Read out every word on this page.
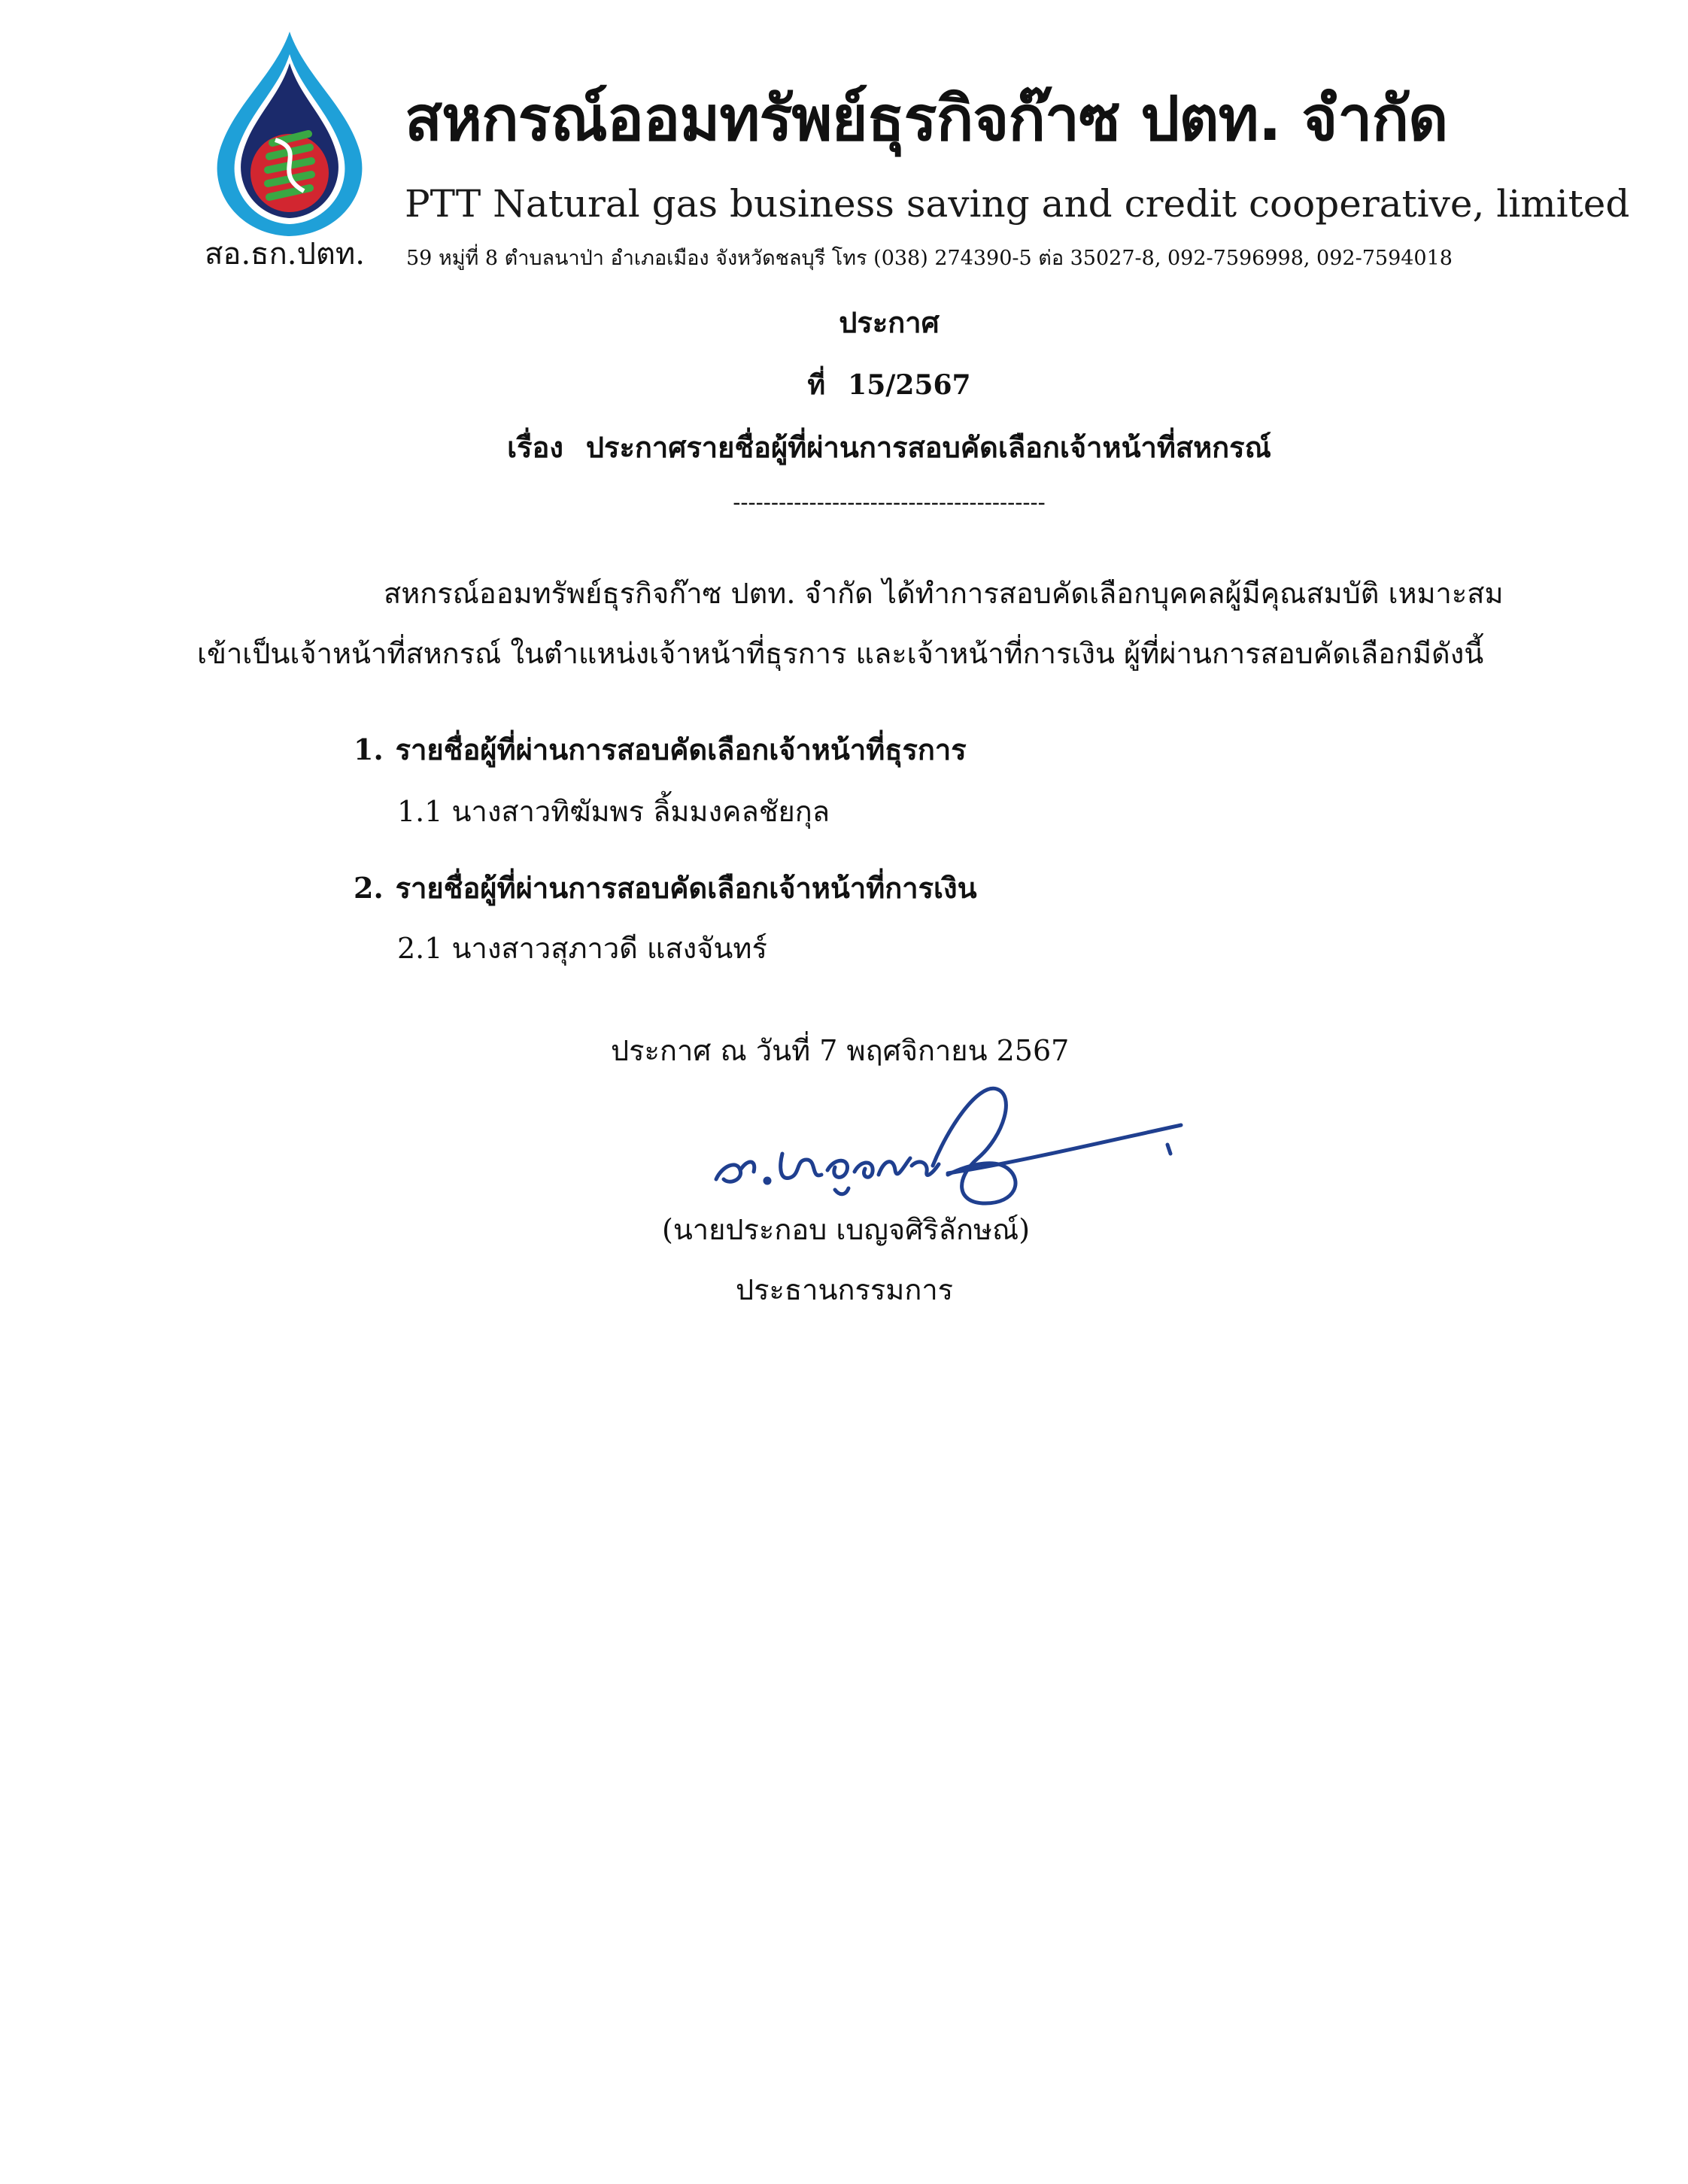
สอ.ธก.ปตท.
สหกรณ์ออมทรัพย์ธุรกิจก๊าซ ปตท. จำกัด
PTT Natural gas business saving and credit cooperative, limited
59 หมู่ที่ 8 ตำบลนาป่า อำเภอเมือง จังหวัดชลบุรี โทร (038) 274390-5 ต่อ 35027-8, 092-7596998, 092-7594018
ประกาศ
ที่ 15/2567
เรื่อง ประกาศรายชื่อผู้ที่ผ่านการสอบคัดเลือกเจ้าหน้าที่สหกรณ์
-----------------------------------------
สหกรณ์ออมทรัพย์ธุรกิจก๊าซ ปตท. จำกัด ได้ทำการสอบคัดเลือกบุคคลผู้มีคุณสมบัติ เหมาะสม
เข้าเป็นเจ้าหน้าที่สหกรณ์ ในตำแหน่งเจ้าหน้าที่ธุรการ และเจ้าหน้าที่การเงิน ผู้ที่ผ่านการสอบคัดเลือกมีดังนี้
1. รายชื่อผู้ที่ผ่านการสอบคัดเลือกเจ้าหน้าที่ธุรการ
1.1 นางสาวทิฆัมพร ลิ้มมงคลชัยกุล
2. รายชื่อผู้ที่ผ่านการสอบคัดเลือกเจ้าหน้าที่การเงิน
2.1 นางสาวสุภาวดี แสงจันทร์
ประกาศ ณ วันที่ 7 พฤศจิกายน 2567
(นายประกอบ เบญจศิริลักษณ์)
ประธานกรรมการ
